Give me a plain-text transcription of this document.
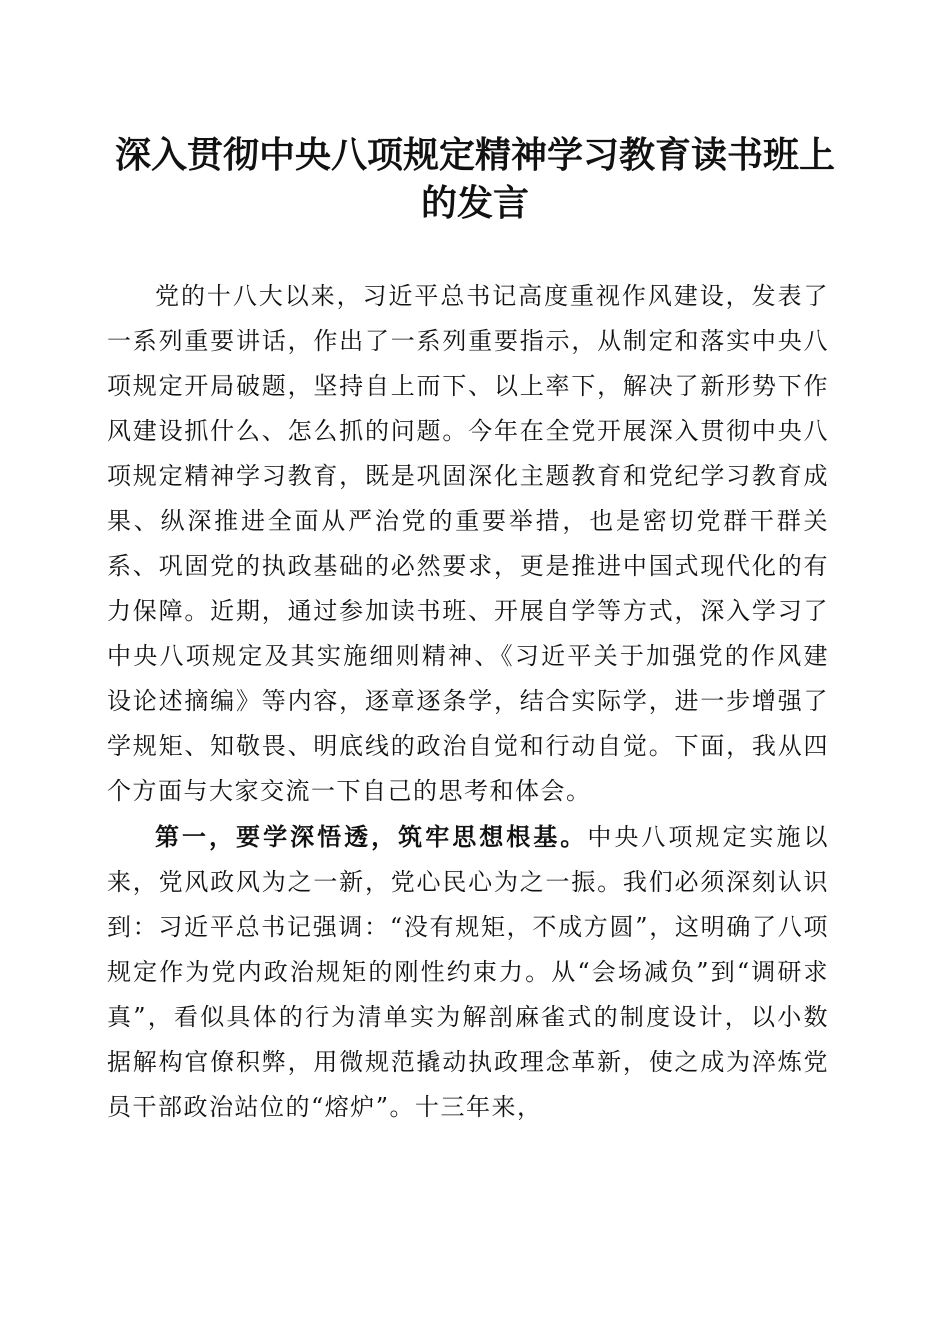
深入贯彻中央八项规定精神学习教育读书班上的发言

党的十八大以来，习近平总书记高度重视作风建设，发表了一系列重要讲话，作出了一系列重要指示，从制定和落实中央八项规定开局破题，坚持自上而下、以上率下，解决了新形势下作风建设抓什么、怎么抓的问题。今年在全党开展深入贯彻中央八项规定精神学习教育，既是巩固深化主题教育和党纪学习教育成果、纵深推进全面从严治党的重要举措，也是密切党群干群关系、巩固党的执政基础的必然要求，更是推进中国式现代化的有力保障。近期，通过参加读书班、开展自学等方式，深入学习了中央八项规定及其实施细则精神、《习近平关于加强党的作风建设论述摘编》等内容，逐章逐条学，结合实际学，进一步增强了学规矩、知敬畏、明底线的政治自觉和行动自觉。下面，我从四个方面与大家交流一下自己的思考和体会。

第一，要学深悟透，筑牢思想根基。中央八项规定实施以来，党风政风为之一新，党心民心为之一振。我们必须深刻认识到：习近平总书记强调：“没有规矩，不成方圆”，这明确了八项规定作为党内政治规矩的刚性约束力。从“会场减负”到“调研求真”，看似具体的行为清单实为解剖麻雀式的制度设计，以小数据解构官僚积弊，用微规范撬动执政理念革新，使之成为淬炼党员干部政治站位的“熔炉”。十三年来，
